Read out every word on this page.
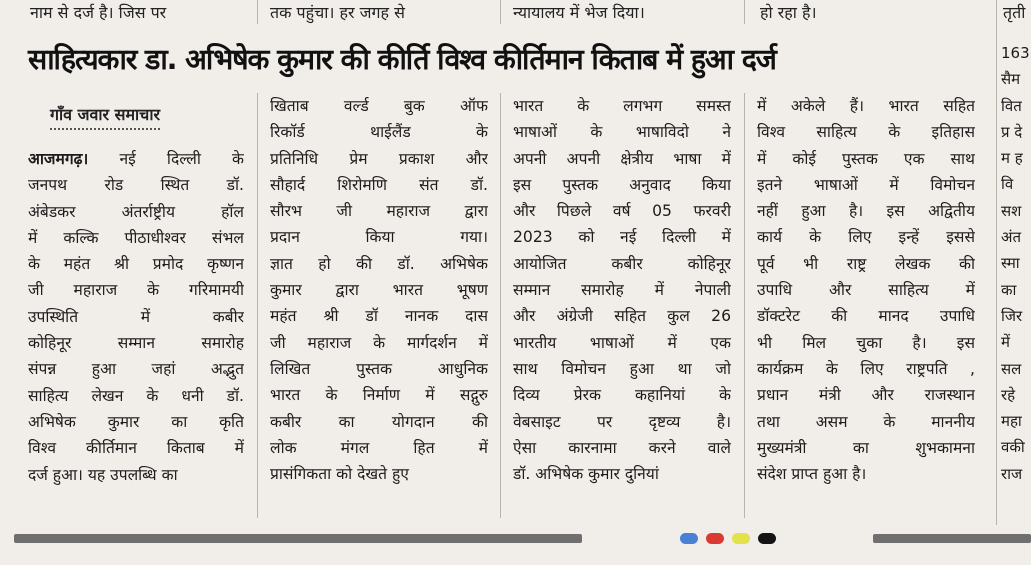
नाम से दर्ज है। जिस पर	तक पहुंचा। हर जगह से	न्यायालय में भेज दिया।	हो रहा है।	तृती
साहित्यकार डा. अभिषेक कुमार की कीर्ति विश्व कीर्तिमान किताब में हुआ दर्ज
गाँव जवार समाचार
आजमगढ़। नई दिल्ली के
जनपथ रोड स्थित डॉ.
अंबेडकर अंतर्राष्ट्रीय हॉल
में कल्कि पीठाधीश्वर संभल
के महंत श्री प्रमोद कृष्णन
जी महाराज के गरिमामयी
उपस्थिति में कबीर
कोहिनूर सम्मान समारोह
संपन्न हुआ जहां अद्भुत
साहित्य लेखन के धनी डॉ.
अभिषेक कुमार का कृति
विश्व कीर्तिमान किताब में
दर्ज हुआ। यह उपलब्धि का
खिताब वर्ल्ड बुक ऑफ
रिकॉर्ड थाईलैंड के
प्रतिनिधि प्रेम प्रकाश और
सौहार्द शिरोमणि संत डॉ.
सौरभ जी महाराज द्वारा
प्रदान किया गया।
ज्ञात हो की डॉ. अभिषेक
कुमार द्वारा भारत भूषण
महंत श्री डॉ नानक दास
जी महाराज के मार्गदर्शन में
लिखित पुस्तक आधुनिक
भारत के निर्माण में सद्गुरु
कबीर का योगदान की
लोक मंगल हित में
प्रासंगिकता को देखते हुए
भारत के लगभग समस्त
भाषाओं के भाषाविदो ने
अपनी अपनी क्षेत्रीय भाषा में
इस पुस्तक अनुवाद किया
और पिछले वर्ष 05 फरवरी
2023 को नई दिल्ली में
आयोजित कबीर कोहिनूर
सम्मान समारोह में नेपाली
और अंग्रेजी सहित कुल 26
भारतीय भाषाओं में एक
साथ विमोचन हुआ था जो
दिव्य प्रेरक कहानियां के
वेबसाइट पर दृष्टव्य है।
ऐसा कारनामा करने वाले
डॉ. अभिषेक कुमार दुनियां
में अकेले हैं। भारत सहित
विश्व साहित्य के इतिहास
में कोई पुस्तक एक साथ
इतने भाषाओं में विमोचन
नहीं हुआ है। इस अद्वितीय
कार्य के लिए इन्हें इससे
पूर्व भी राष्ट्र लेखक की
उपाधि और साहित्य में
डॉक्टरेट की मानद उपाधि
भी मिल चुका है। इस
कार्यक्रम के लिए राष्ट्रपति ,
प्रधान मंत्री और राजस्थान
तथा असम के माननीय
मुख्यमंत्री का शुभकामना
संदेश प्राप्त हुआ है।
163
सैम
वित
प्र दे
म ह
वि
सश
अंत
स्मा
का
जिर
में
सल
रहे
महा
वकी
राज
